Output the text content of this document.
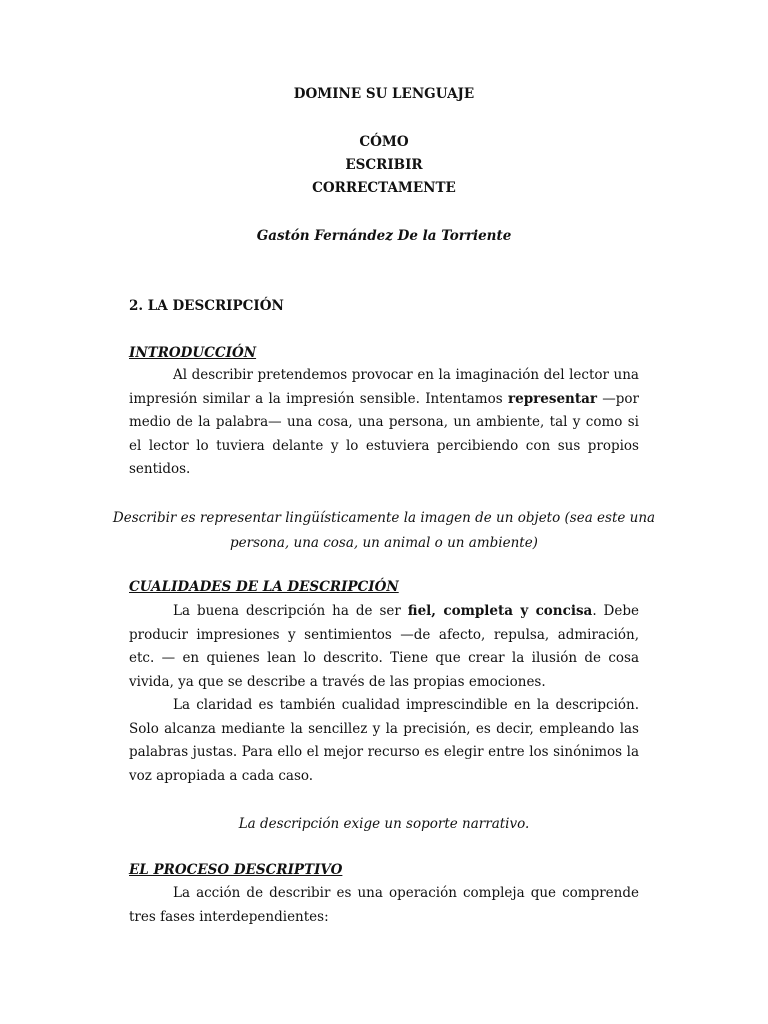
DOMINE SU LENGUAJE
CÓMO
ESCRIBIR
CORRECTAMENTE
Gastón Fernández De la Torriente
2. LA DESCRIPCIÓN
INTRODUCCIÓN

Al describir pretendemos provocar en la imaginación del lector una impresión similar a la impresión sensible. Intentamos representar —por medio de la palabra— una cosa, una persona, un ambiente, tal y como si el lector lo tuviera delante y lo estuviera percibiendo con sus propios sentidos.

Describir es representar lingüísticamente la imagen de un objeto (sea este una persona, una cosa, un animal o un ambiente)
CUALIDADES DE LA DESCRIPCIÓN

La buena descripción ha de ser fiel, completa y concisa. Debe producir impresiones y sentimientos —de afecto, repulsa, admiración, etc. — en quienes lean lo descrito. Tiene que crear la ilusión de cosa vivida, ya que se describe a través de las propias emociones.

La claridad es también cualidad imprescindible en la descripción. Solo alcanza mediante la sencillez y la precisión, es decir, empleando las palabras justas. Para ello el mejor recurso es elegir entre los sinónimos la voz apropiada a cada caso.

La descripción exige un soporte narrativo.
EL PROCESO DESCRIPTIVO

La acción de describir es una operación compleja que comprende tres fases interdependientes:
